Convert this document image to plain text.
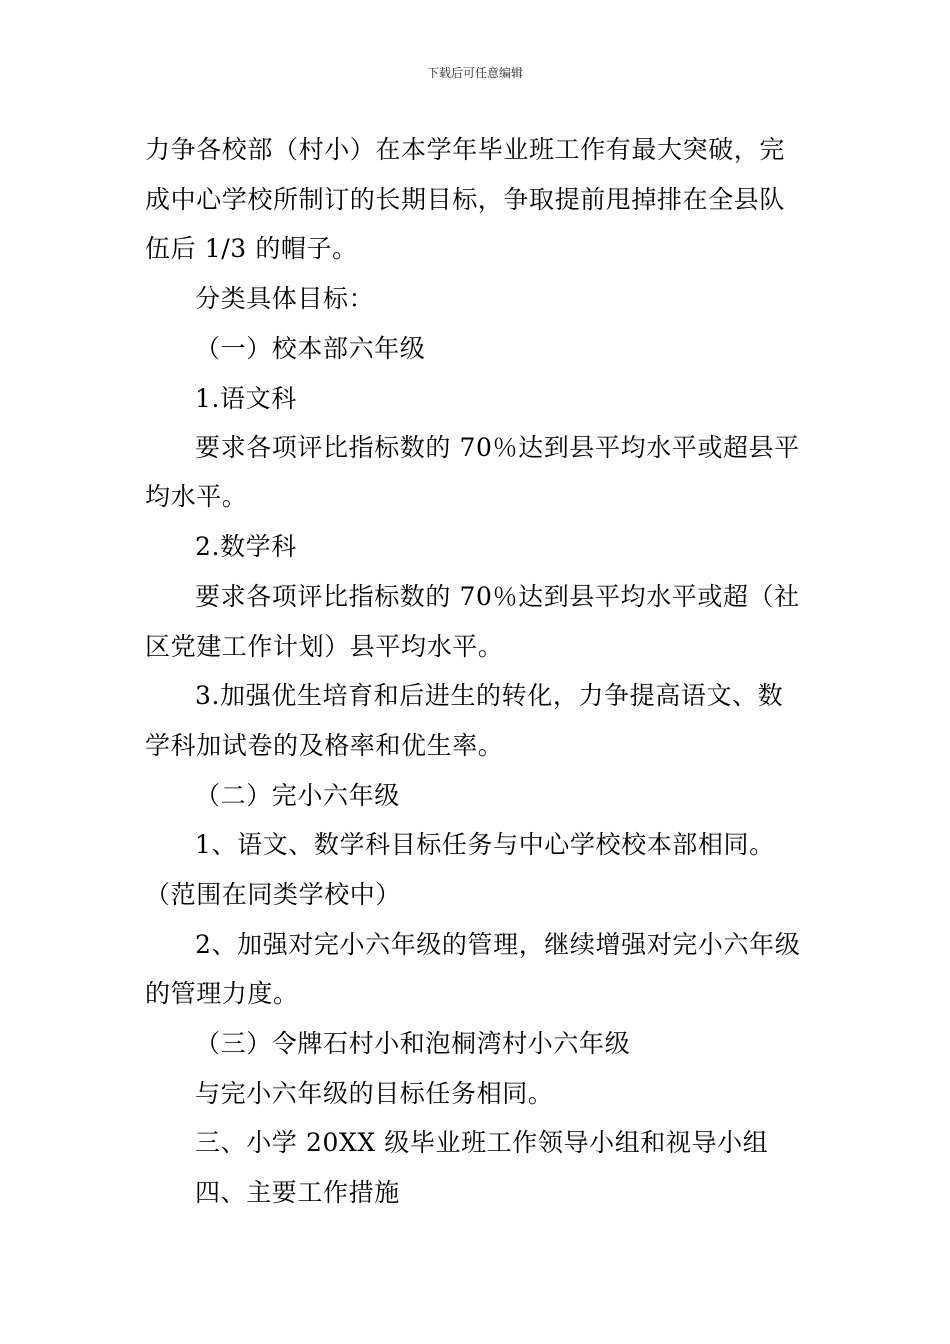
下载后可任意编辑
力争各校部（村小）在本学年毕业班工作有最大突破，完
成中心学校所制订的长期目标，争取提前甩掉排在全县队
伍后 1/3 的帽子。
分类具体目标：
（一）校本部六年级
1.语文科
要求各项评比指标数的 70％达到县平均水平或超县平
均水平。
2.数学科
要求各项评比指标数的 70％达到县平均水平或超（社
区党建工作计划）县平均水平。
3.加强优生培育和后进生的转化，力争提高语文、数
学科加试卷的及格率和优生率。
（二）完小六年级
1、语文、数学科目标任务与中心学校校本部相同。
（范围在同类学校中）
2、加强对完小六年级的管理，继续增强对完小六年级
的管理力度。
（三）令牌石村小和泡桐湾村小六年级
与完小六年级的目标任务相同。
三、小学 20XX 级毕业班工作领导小组和视导小组
四、主要工作措施
